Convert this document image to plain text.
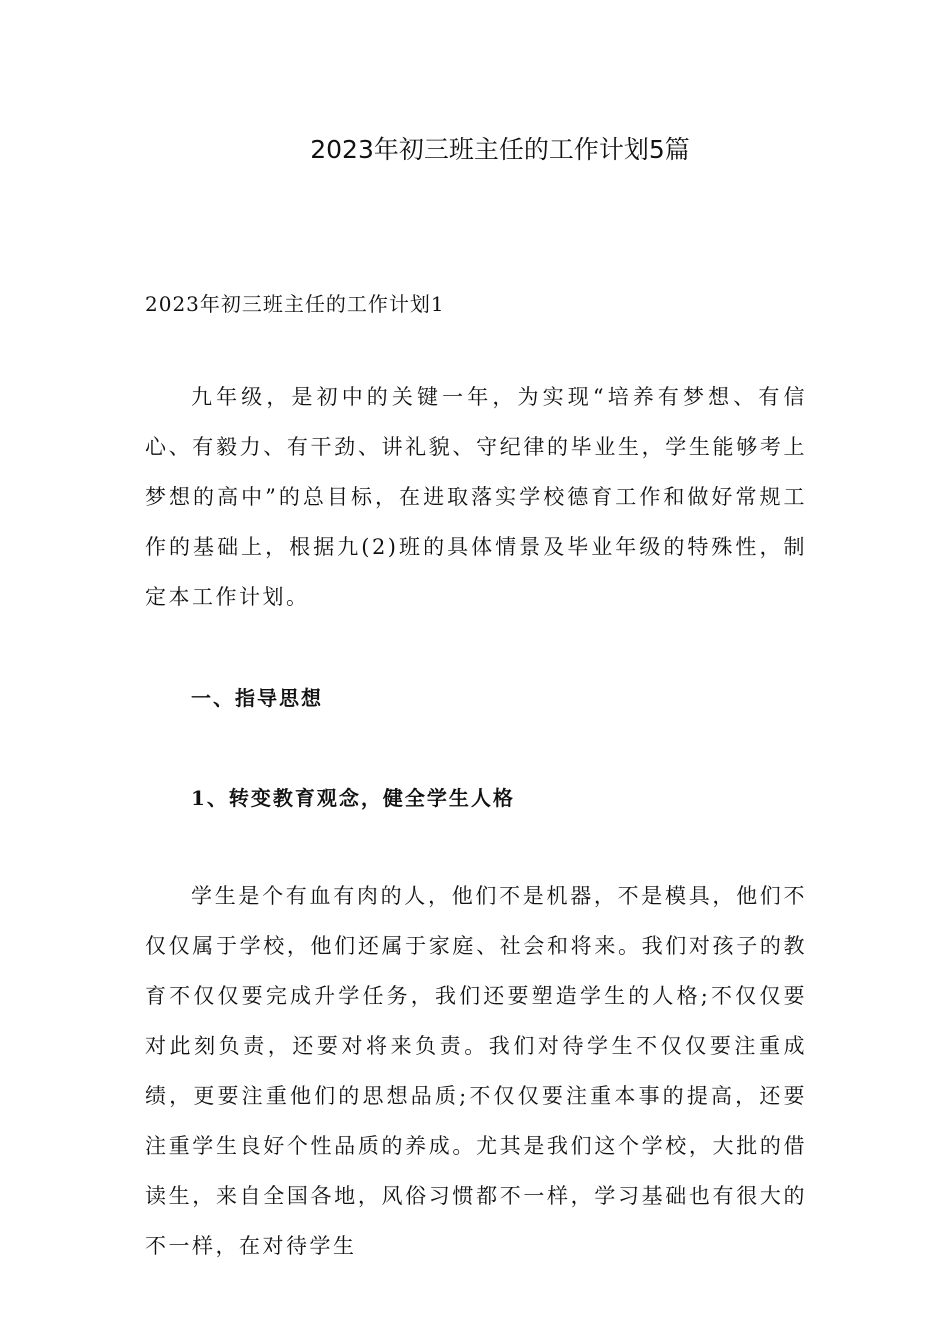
2023年初三班主任的工作计划5篇
2023年初三班主任的工作计划1

九年级，是初中的关键一年，为实现“培养有梦想、有信心、有毅力、有干劲、讲礼貌、守纪律的毕业生，学生能够考上梦想的高中”的总目标，在进取落实学校德育工作和做好常规工作的基础上，根据九(2)班的具体情景及毕业年级的特殊性，制定本工作计划。

一、指导思想
1、转变教育观念，健全学生人格

学生是个有血有肉的人，他们不是机器，不是模具，他们不仅仅属于学校，他们还属于家庭、社会和将来。我们对孩子的教育不仅仅要完成升学任务，我们还要塑造学生的人格;不仅仅要对此刻负责，还要对将来负责。我们对待学生不仅仅要注重成绩，更要注重他们的思想品质;不仅仅要注重本事的提高，还要注重学生良好个性品质的养成。尤其是我们这个学校，大批的借读生，来自全国各地，风俗习惯都不一样，学习基础也有很大的不一样，在对待学生
